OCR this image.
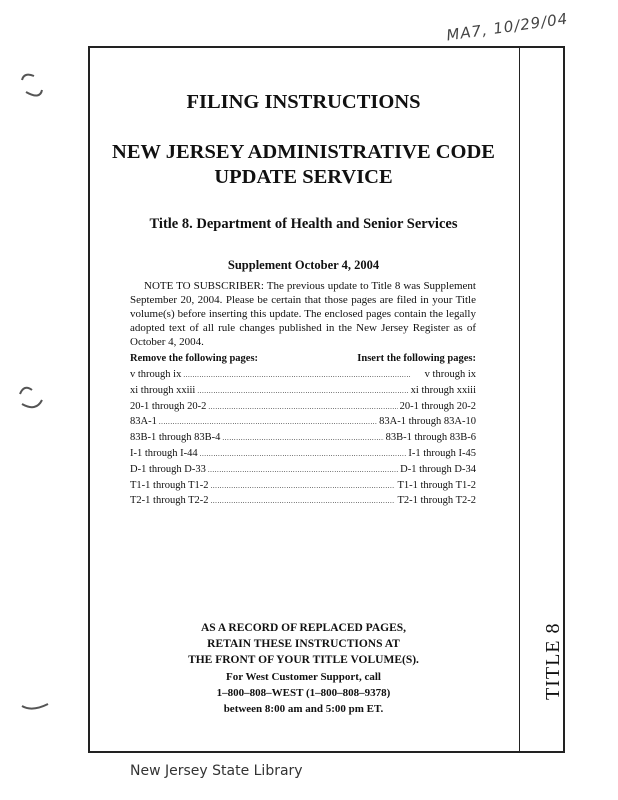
MA7, 10/29/04
TITLE 8
FILING INSTRUCTIONS
NEW JERSEY ADMINISTRATIVE CODE
UPDATE SERVICE
Title 8. Department of Health and Senior Services
Supplement October 4, 2004
NOTE TO SUBSCRIBER: The previous update to Title 8 was Supplement September 20, 2004. Please be certain that those pages are filed in your Title volume(s) before inserting this update. The enclosed pages contain the legally adopted text of all rule changes published in the New Jersey Register as of October 4, 2004.
Remove the following pages:	Insert the following pages:
v through ix . . .	v through ix
xi through xxiii . . .	xi through xxiii
20-1 through 20-2 . . .	20-1 through 20-2
83A-1 . . .	83A-1 through 83A-10
83B-1 through 83B-4 . . .	83B-1 through 83B-6
I-1 through I-44 . . .	I-1 through I-45
D-1 through D-33 . . .	D-1 through D-34
T1-1 through T1-2 . . .	T1-1 through T1-2
T2-1 through T2-2 . . .	T2-1 through T2-2
AS A RECORD OF REPLACED PAGES,
RETAIN THESE INSTRUCTIONS AT
THE FRONT OF YOUR TITLE VOLUME(S).
For West Customer Support, call
1–800–808–WEST (1–800–808–9378)
between 8:00 am and 5:00 pm ET.
New Jersey State Library
